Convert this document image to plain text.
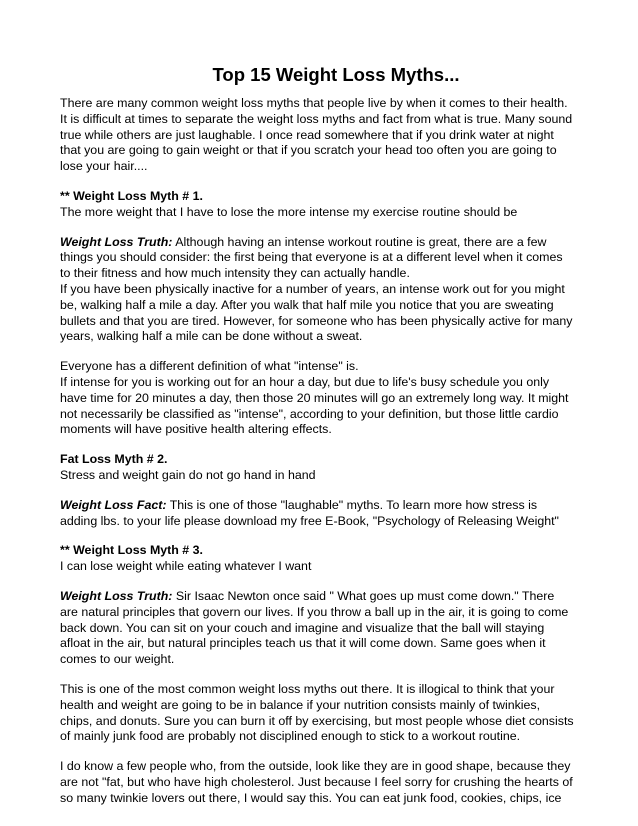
Top 15 Weight Loss Myths...

There are many common weight loss myths that people live by when it comes to their health.
It is difficult at times to separate the weight loss myths and fact from what is true. Many sound
true while others are just laughable. I once read somewhere that if you drink water at night
that you are going to gain weight or that if you scratch your head too often you are going to
lose your hair....

** Weight Loss Myth # 1.
The more weight that I have to lose the more intense my exercise routine should be

Weight Loss Truth: Although having an intense workout routine is great, there are a few
things you should consider: the first being that everyone is at a different level when it comes
to their fitness and how much intensity they can actually handle.
If you have been physically inactive for a number of years, an intense work out for you might
be, walking half a mile a day. After you walk that half mile you notice that you are sweating
bullets and that you are tired. However, for someone who has been physically active for many
years, walking half a mile can be done without a sweat.

Everyone has a different definition of what "intense" is.
If intense for you is working out for an hour a day, but due to life's busy schedule you only
have time for 20 minutes a day, then those 20 minutes will go an extremely long way. It might
not necessarily be classified as "intense", according to your definition, but those little cardio
moments will have positive health altering effects.

Fat Loss Myth # 2.
Stress and weight gain do not go hand in hand

Weight Loss Fact: This is one of those "laughable" myths. To learn more how stress is
adding lbs. to your life please download my free E-Book, "Psychology of Releasing Weight"

** Weight Loss Myth # 3.
I can lose weight while eating whatever I want

Weight Loss Truth: Sir Isaac Newton once said " What goes up must come down." There
are natural principles that govern our lives. If you throw a ball up in the air, it is going to come
back down. You can sit on your couch and imagine and visualize that the ball will staying
afloat in the air, but natural principles teach us that it will come down. Same goes when it
comes to our weight.

This is one of the most common weight loss myths out there. It is illogical to think that your
health and weight are going to be in balance if your nutrition consists mainly of twinkies,
chips, and donuts. Sure you can burn it off by exercising, but most people whose diet consists
of mainly junk food are probably not disciplined enough to stick to a workout routine.

I do know a few people who, from the outside, look like they are in good shape, because they
are not "fat, but who have high cholesterol. Just because I feel sorry for crushing the hearts of
so many twinkie lovers out there, I would say this. You can eat junk food, cookies, chips, ice
